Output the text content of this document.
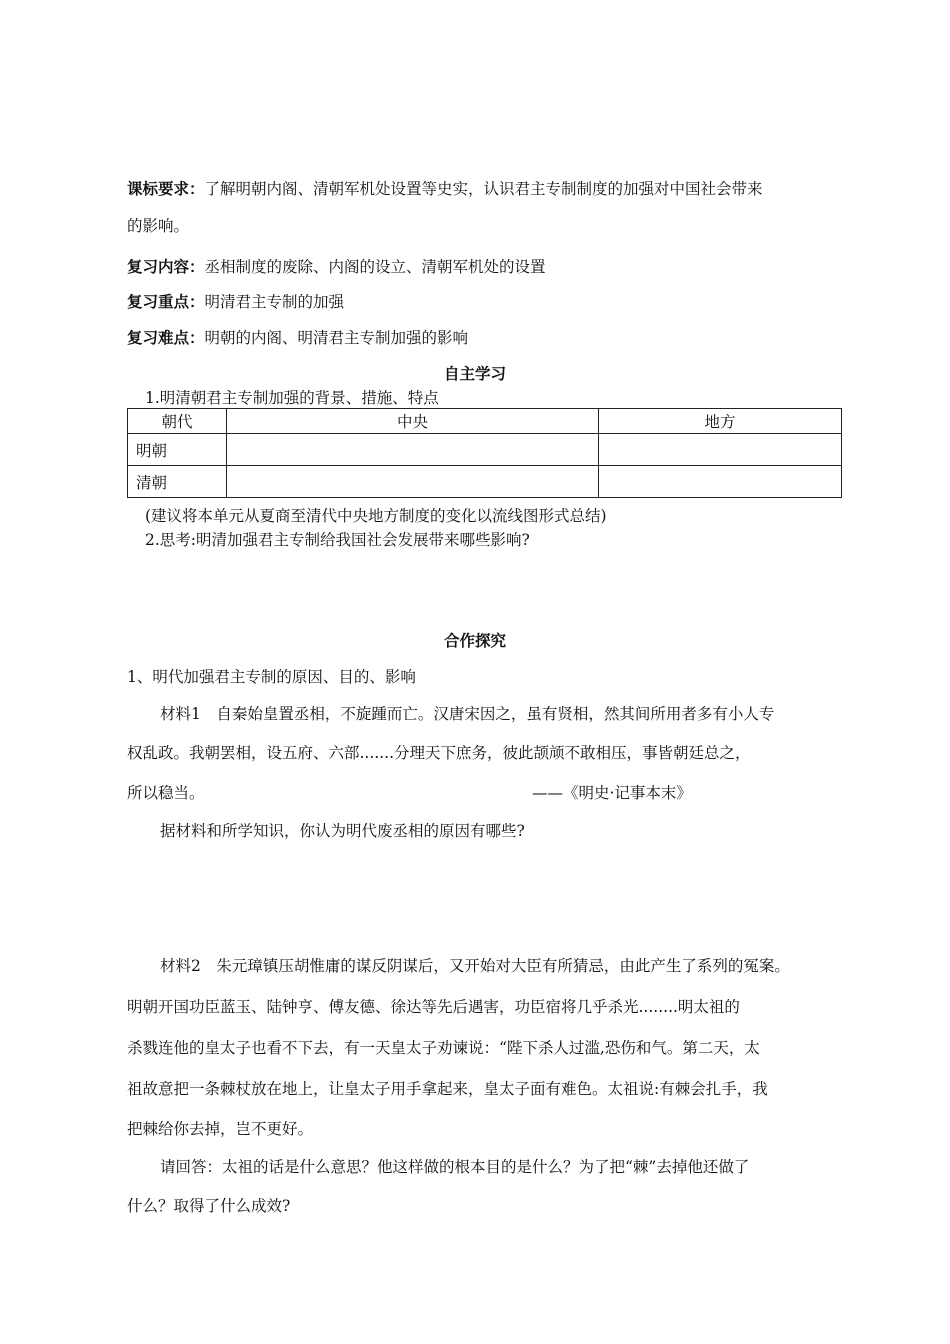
课标要求：了解明朝内阁、清朝军机处设置等史实，认识君主专制制度的加强对中国社会带来
的影响。
复习内容：丞相制度的废除、内阁的设立、清朝军机处的设置
复习重点：明清君主专制的加强
复习难点：明朝的内阁、明清君主专制加强的影响
自主学习
1.明清朝君主专制加强的背景、措施、特点
朝代	中央	地方
明朝		
清朝		
(建议将本单元从夏商至清代中央地方制度的变化以流线图形式总结)
2.思考:明清加强君主专制给我国社会发展带来哪些影响?
合作探究
1、明代加强君主专制的原因、目的、影响
材料1　自秦始皇置丞相，不旋踵而亡。汉唐宋因之，虽有贤相，然其间所用者多有小人专
权乱政。我朝罢相，设五府、六部.......分理天下庶务，彼此颉颃不敢相压，事皆朝廷总之，
所以稳当。	——《明史·记事本末》
据材料和所学知识，你认为明代废丞相的原因有哪些?
材料2　朱元璋镇压胡惟庸的谋反阴谋后，又开始对大臣有所猜忌，由此产生了系列的冤案。
明朝开国功臣蓝玉、陆钟亨、傅友德、徐达等先后遇害，功臣宿将几乎杀光........明太祖的
杀戮连他的皇太子也看不下去，有一天皇太子劝谏说：“陛下杀人过滥,恐伤和气。第二天，太
祖故意把一条棘杖放在地上，让皇太子用手拿起来，皇太子面有难色。太祖说:有棘会扎手，我
把棘给你去掉，岂不更好。
请回答：太祖的话是什么意思？他这样做的根本目的是什么？为了把“棘”去掉他还做了
什么？取得了什么成效?
